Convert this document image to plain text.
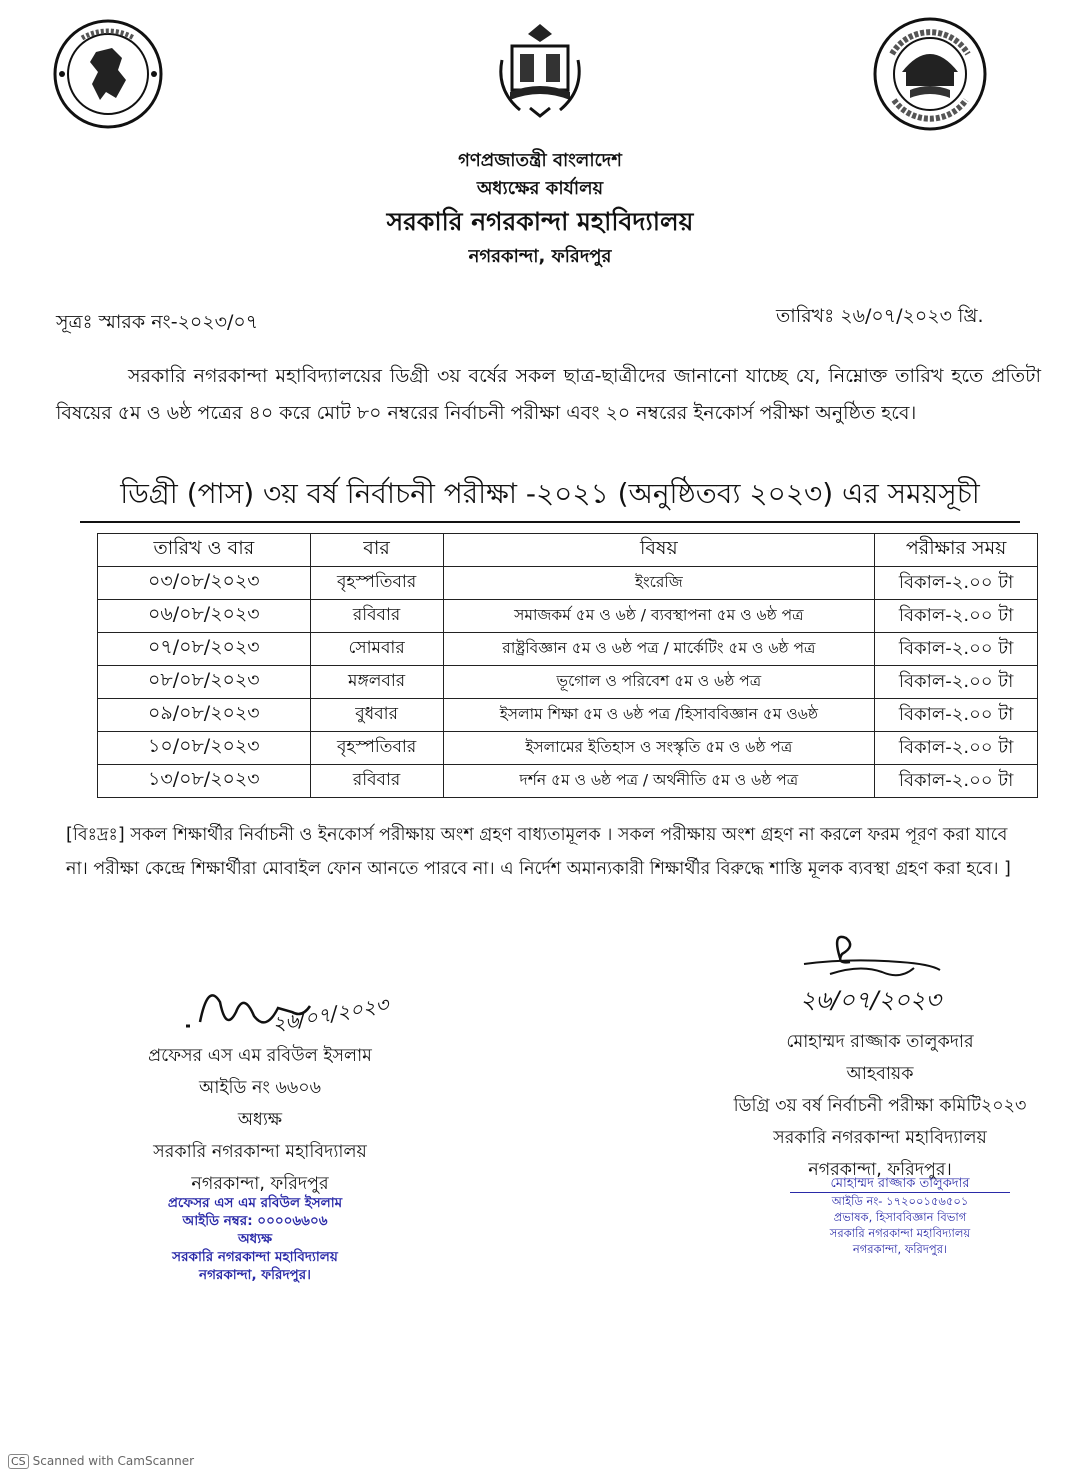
গণপ্রজাতন্ত্রী বাংলাদেশ
অধ্যক্ষের কার্যালয়
সরকারি নগরকান্দা মহাবিদ্যালয়
নগরকান্দা, ফরিদপুর
সূত্রঃ স্মারক নং-২০২৩/০৭	তারিখঃ ২৬/০৭/২০২৩ খ্রি.
সরকারি নগরকান্দা মহাবিদ্যালয়ের ডিগ্রী ৩য় বর্ষের সকল ছাত্র-ছাত্রীদের জানানো যাচ্ছে যে, নিম্নোক্ত তারিখ হতে প্রতিটা বিষয়ের ৫ম ও ৬ষ্ঠ পত্রের ৪০ করে মোট ৮০ নম্বরের নির্বাচনী পরীক্ষা এবং ২০ নম্বরের ইনকোর্স পরীক্ষা অনুষ্ঠিত হবে।
ডিগ্রী (পাস) ৩য় বর্ষ নির্বাচনী পরীক্ষা -২০২১ (অনুষ্ঠিতব্য ২০২৩) এর সময়সূচী
তারিখ ও বার	বার	বিষয়	পরীক্ষার সময়
০৩/০৮/২০২৩	বৃহস্পতিবার	ইংরেজি	বিকাল-২.০০ টা
০৬/০৮/২০২৩	রবিবার	সমাজকর্ম ৫ম ও ৬ষ্ঠ / ব্যবস্থাপনা ৫ম ও ৬ষ্ঠ পত্র	বিকাল-২.০০ টা
০৭/০৮/২০২৩	সোমবার	রাষ্ট্রবিজ্ঞান ৫ম ও ৬ষ্ঠ পত্র / মার্কেটিং ৫ম ও ৬ষ্ঠ পত্র	বিকাল-২.০০ টা
০৮/০৮/২০২৩	মঙ্গলবার	ভূগোল ও পরিবেশ ৫ম ও ৬ষ্ঠ পত্র	বিকাল-২.০০ টা
০৯/০৮/২০২৩	বুধবার	ইসলাম শিক্ষা ৫ম ও ৬ষ্ঠ পত্র /হিসাববিজ্ঞান ৫ম ও৬ষ্ঠ	বিকাল-২.০০ টা
১০/০৮/২০২৩	বৃহস্পতিবার	ইসলামের ইতিহাস ও সংস্কৃতি ৫ম ও ৬ষ্ঠ পত্র	বিকাল-২.০০ টা
১৩/০৮/২০২৩	রবিবার	দর্শন ৫ম ও ৬ষ্ঠ পত্র / অর্থনীতি ৫ম ও ৬ষ্ঠ পত্র	বিকাল-২.০০ টা
[বিঃদ্রঃ] সকল শিক্ষার্থীর নির্বাচনী ও ইনকোর্স পরীক্ষায় অংশ গ্রহণ বাধ্যতামূলক । সকল পরীক্ষায় অংশ গ্রহণ না করলে ফরম পূরণ করা যাবে না। পরীক্ষা কেন্দ্রে শিক্ষার্থীরা মোবাইল ফোন আনতে পারবে না। এ নির্দেশ অমান্যকারী শিক্ষার্থীর বিরুদ্ধে শাস্তি মূলক ব্যবস্থা গ্রহণ করা হবে। ]
২৬/০৭/২০২৩
প্রফেসর এস এম রবিউল ইসলাম
আইডি নং ৬৬০৬
অধ্যক্ষ
সরকারি নগরকান্দা মহাবিদ্যালয়
নগরকান্দা, ফরিদপুর
প্রফেসর এস এম রবিউল ইসলাম
আইডি নম্বর: ০০০০৬৬০৬
অধ্যক্ষ
সরকারি নগরকান্দা মহাবিদ্যালয়
নগরকান্দা, ফরিদপুর।
২৬/০৭/২০২৩
মোহাম্মদ রাজ্জাক তালুকদার
আহবায়ক
ডিগ্রি ৩য় বর্ষ নির্বাচনী পরীক্ষা কমিটি২০২৩
সরকারি নগরকান্দা মহাবিদ্যালয়
নগরকান্দা, ফরিদপুর।
মোহাম্মদ রাজ্জাক তালুকদার
আইডি নং- ১৭২০০১৫৬৫০১
প্রভাষক, হিসাববিজ্ঞান বিভাগ
সরকারি নগরকান্দা মহাবিদ্যালয়
নগরকান্দা, ফরিদপুর।
CS Scanned with CamScanner
